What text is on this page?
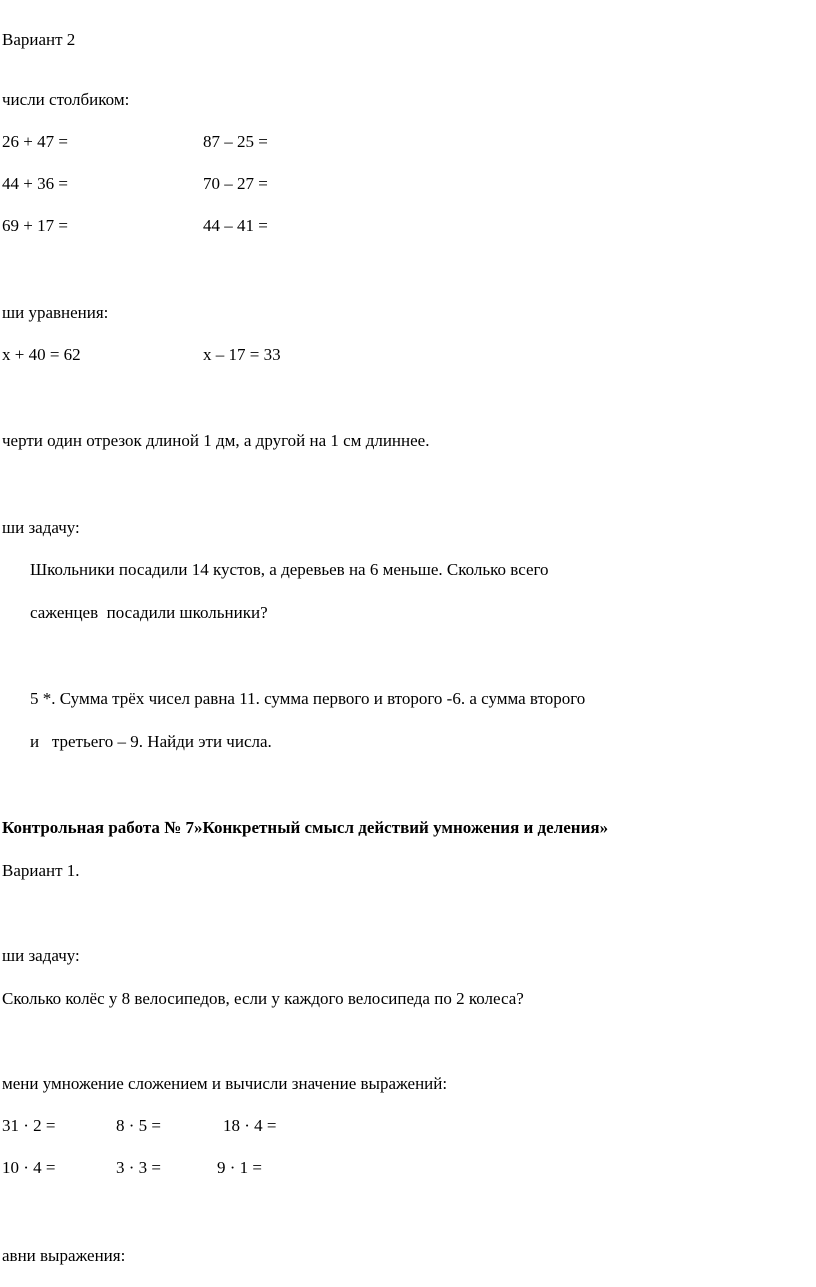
Вариант 2
числи столбиком:
26 + 47 =	87 – 25 =
44 + 36 =	70 – 27 =
69 + 17 =	44 – 41 =
ши уравнения:
x + 40 = 62	x – 17 = 33
черти один отрезок длиной 1 дм, а другой на 1 см длиннее.
ши задачу:
Школьники посадили 14 кустов, а деревьев на 6 меньше. Сколько всего
саженцев  посадили школьники?
5 *. Сумма трёх чисел равна 11. сумма первого и второго -6. а сумма второго
и   третьего – 9. Найди эти числа.
Контрольная работа № 7»Конкретный смысл действий умножения и деления»
Вариант 1.
ши задачу:
Сколько колёс у 8 велосипедов, если у каждого велосипеда по 2 колеса?
мени умножение сложением и вычисли значение выражений:
31 · 2 =	8 · 5 =	18 · 4 =
10 · 4 =	3 · 3 =	9 · 1 =
авни выражения:
